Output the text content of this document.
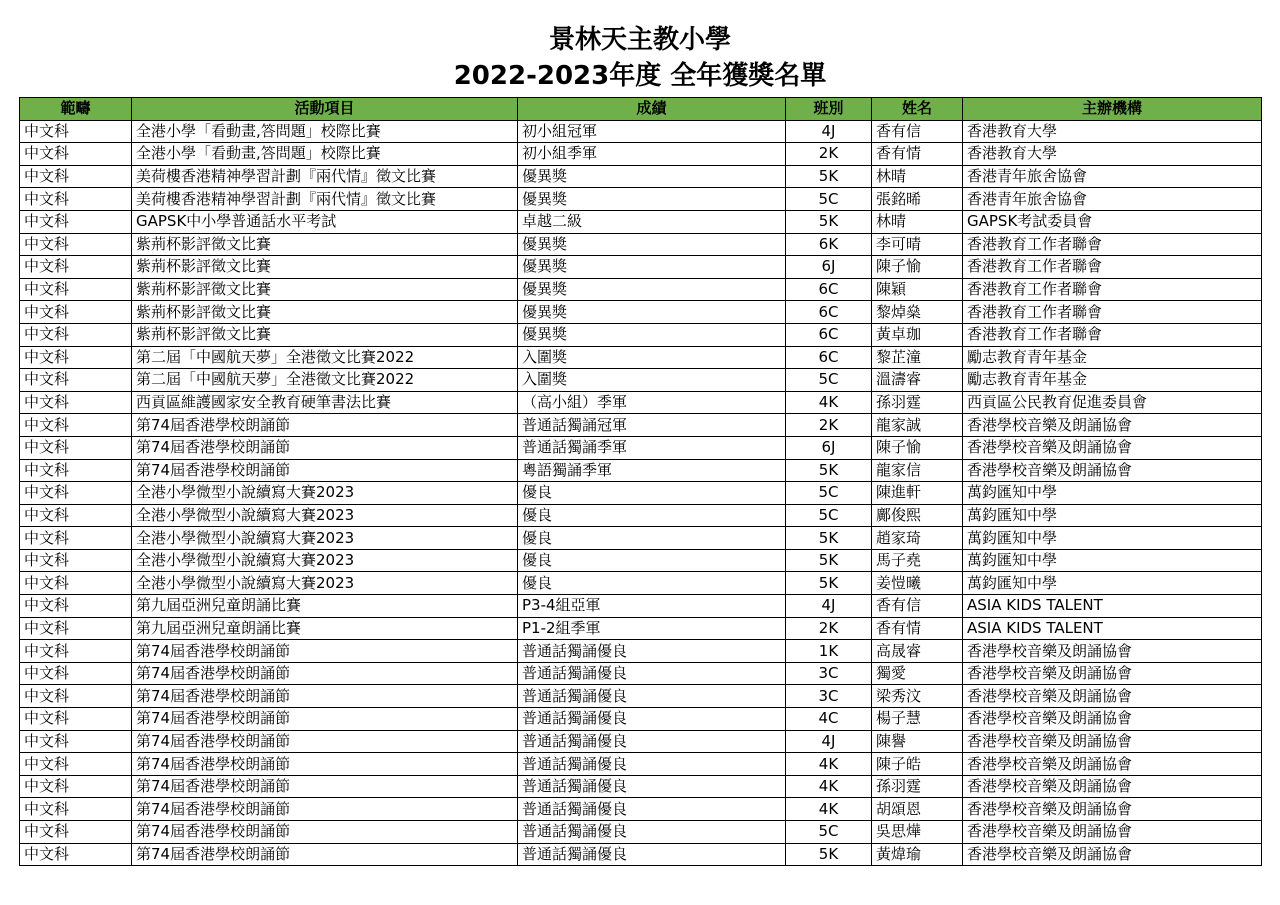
景林天主教小學
2022-2023年度 全年獲獎名單
範疇	活動項目	成績	班別	姓名	主辦機構
中文科	全港小學「看動畫,答問題」校際比賽	初小組冠軍	4J	香有信	香港教育大學
中文科	全港小學「看動畫,答問題」校際比賽	初小組季軍	2K	香有情	香港教育大學
中文科	美荷樓香港精神學習計劃『兩代情』徵文比賽	優異獎	5K	林晴	香港青年旅舍協會
中文科	美荷樓香港精神學習計劃『兩代情』徵文比賽	優異獎	5C	張銘晞	香港青年旅舍協會
中文科	GAPSK中小學普通話水平考試	卓越二級	5K	林晴	GAPSK考試委員會
中文科	紫荊杯影評徵文比賽	優異獎	6K	李可晴	香港教育工作者聯會
中文科	紫荊杯影評徵文比賽	優異獎	6J	陳子愉	香港教育工作者聯會
中文科	紫荊杯影評徵文比賽	優異獎	6C	陳穎	香港教育工作者聯會
中文科	紫荊杯影評徵文比賽	優異獎	6C	黎焯燊	香港教育工作者聯會
中文科	紫荊杯影評徵文比賽	優異獎	6C	黃卓珈	香港教育工作者聯會
中文科	第二屆「中國航天夢」全港徵文比賽2022	入圍獎	6C	黎芷潼	勵志教育青年基金
中文科	第二屆「中國航天夢」全港徵文比賽2022	入圍獎	5C	溫濤睿	勵志教育青年基金
中文科	西貢區維護國家安全教育硬筆書法比賽	（高小組）季軍	4K	孫羽霆	西貢區公民教育促進委員會
中文科	第74屆香港學校朗誦節	普通話獨誦冠軍	2K	龍家誠	香港學校音樂及朗誦協會
中文科	第74屆香港學校朗誦節	普通話獨誦季軍	6J	陳子愉	香港學校音樂及朗誦協會
中文科	第74屆香港學校朗誦節	粵語獨誦季軍	5K	龍家信	香港學校音樂及朗誦協會
中文科	全港小學微型小說續寫大賽2023	優良	5C	陳進軒	萬鈞匯知中學
中文科	全港小學微型小說續寫大賽2023	優良	5C	鄺俊熙	萬鈞匯知中學
中文科	全港小學微型小說續寫大賽2023	優良	5K	趙家琦	萬鈞匯知中學
中文科	全港小學微型小說續寫大賽2023	優良	5K	馬子堯	萬鈞匯知中學
中文科	全港小學微型小說續寫大賽2023	優良	5K	姜愷曦	萬鈞匯知中學
中文科	第九屆亞洲兒童朗誦比賽	P3-4組亞軍	4J	香有信	ASIA KIDS TALENT
中文科	第九屆亞洲兒童朗誦比賽	P1-2組季軍	2K	香有情	ASIA KIDS TALENT
中文科	第74屆香港學校朗誦節	普通話獨誦優良	1K	高晟睿	香港學校音樂及朗誦協會
中文科	第74屆香港學校朗誦節	普通話獨誦優良	3C	獨愛	香港學校音樂及朗誦協會
中文科	第74屆香港學校朗誦節	普通話獨誦優良	3C	梁秀汶	香港學校音樂及朗誦協會
中文科	第74屆香港學校朗誦節	普通話獨誦優良	4C	楊子慧	香港學校音樂及朗誦協會
中文科	第74屆香港學校朗誦節	普通話獨誦優良	4J	陳譽	香港學校音樂及朗誦協會
中文科	第74屆香港學校朗誦節	普通話獨誦優良	4K	陳子皓	香港學校音樂及朗誦協會
中文科	第74屆香港學校朗誦節	普通話獨誦優良	4K	孫羽霆	香港學校音樂及朗誦協會
中文科	第74屆香港學校朗誦節	普通話獨誦優良	4K	胡頌恩	香港學校音樂及朗誦協會
中文科	第74屆香港學校朗誦節	普通話獨誦優良	5C	吳思燁	香港學校音樂及朗誦協會
中文科	第74屆香港學校朗誦節	普通話獨誦優良	5K	黃煒瑜	香港學校音樂及朗誦協會
